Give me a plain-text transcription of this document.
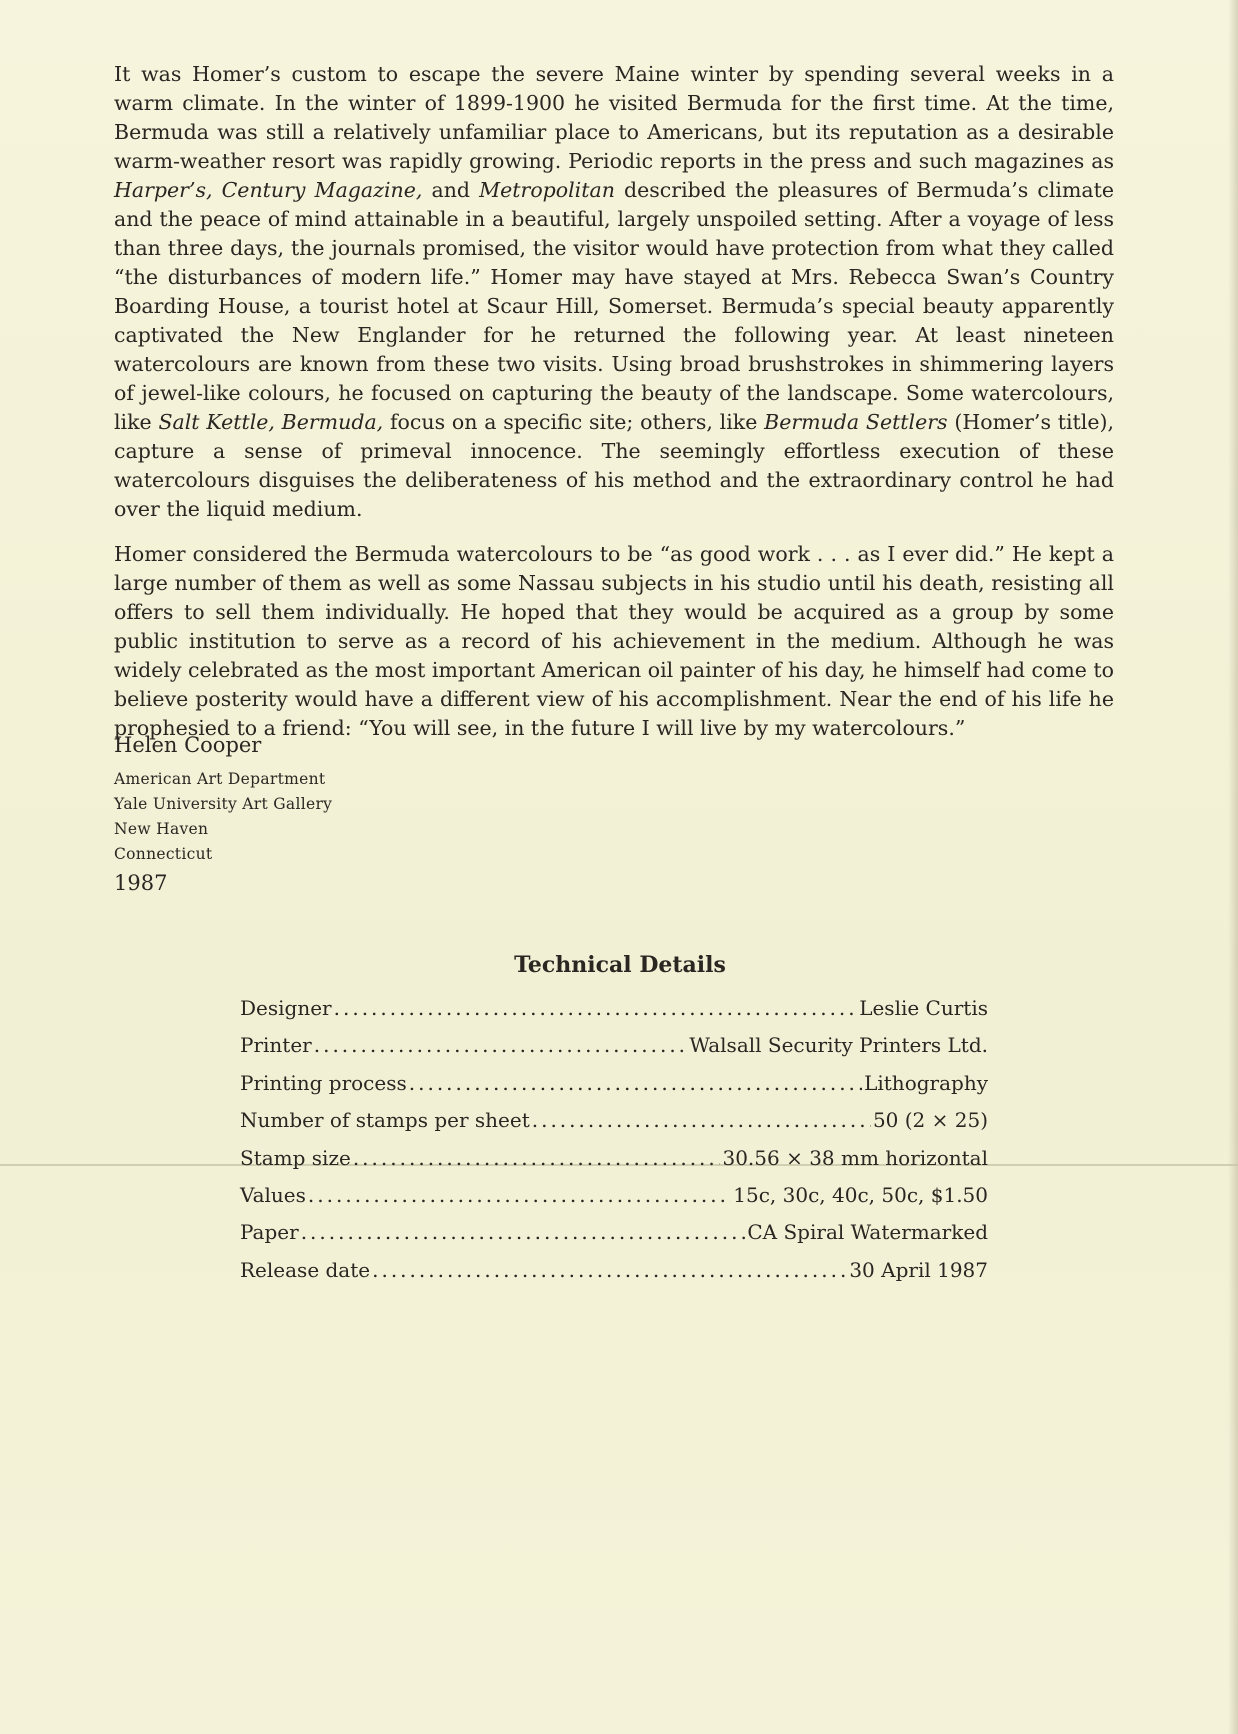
It was Homer’s custom to escape the severe Maine winter by spending several weeks in a warm climate. In the winter of 1899-1900 he visited Bermuda for the first time. At the time, Bermuda was still a relatively unfamiliar place to Americans, but its reputation as a desirable warm-weather resort was rapidly growing. Periodic reports in the press and such magazines as Harper’s, Century Magazine, and Metropolitan described the pleasures of Bermuda’s climate and the peace of mind attainable in a beautiful, largely unspoiled setting. After a voyage of less than three days, the journals promised, the visitor would have protection from what they called “the disturbances of modern life.” Homer may have stayed at Mrs. Rebecca Swan’s Country Boarding House, a tourist hotel at Scaur Hill, Somerset. Bermuda’s special beauty apparently captivated the New Englander for he returned the following year. At least nineteen watercolours are known from these two visits. Using broad brushstrokes in shimmering layers of jewel-like colours, he focused on capturing the beauty of the landscape. Some watercolours, like Salt Kettle, Bermuda, focus on a specific site; others, like Bermuda Settlers (Homer’s title), capture a sense of primeval innocence. The seemingly effortless execution of these watercolours disguises the deliberateness of his method and the extraordinary control he had over the liquid medium.

Homer considered the Bermuda watercolours to be “as good work . . . as I ever did.” He kept a large number of them as well as some Nassau subjects in his studio until his death, resisting all offers to sell them individually. He hoped that they would be acquired as a group by some public institution to serve as a record of his achievement in the medium. Although he was widely celebrated as the most important American oil painter of his day, he himself had come to believe posterity would have a different view of his accomplishment. Near the end of his life he prophesied to a friend: “You will see, in the future I will live by my watercolours.”

Helen Cooper
American Art Department
Yale University Art Gallery
New Haven
Connecticut
1987
Technical Details
Designer .....	Leslie Curtis
Printer .....	Walsall Security Printers Ltd.
Printing process .....	Lithography
Number of stamps per sheet .....	50 (2 × 25)
Stamp size .....	30.56 × 38 mm horizontal
Values .....	15c, 30c, 40c, 50c, $1.50
Paper .....	CA Spiral Watermarked
Release date .....	30 April 1987
